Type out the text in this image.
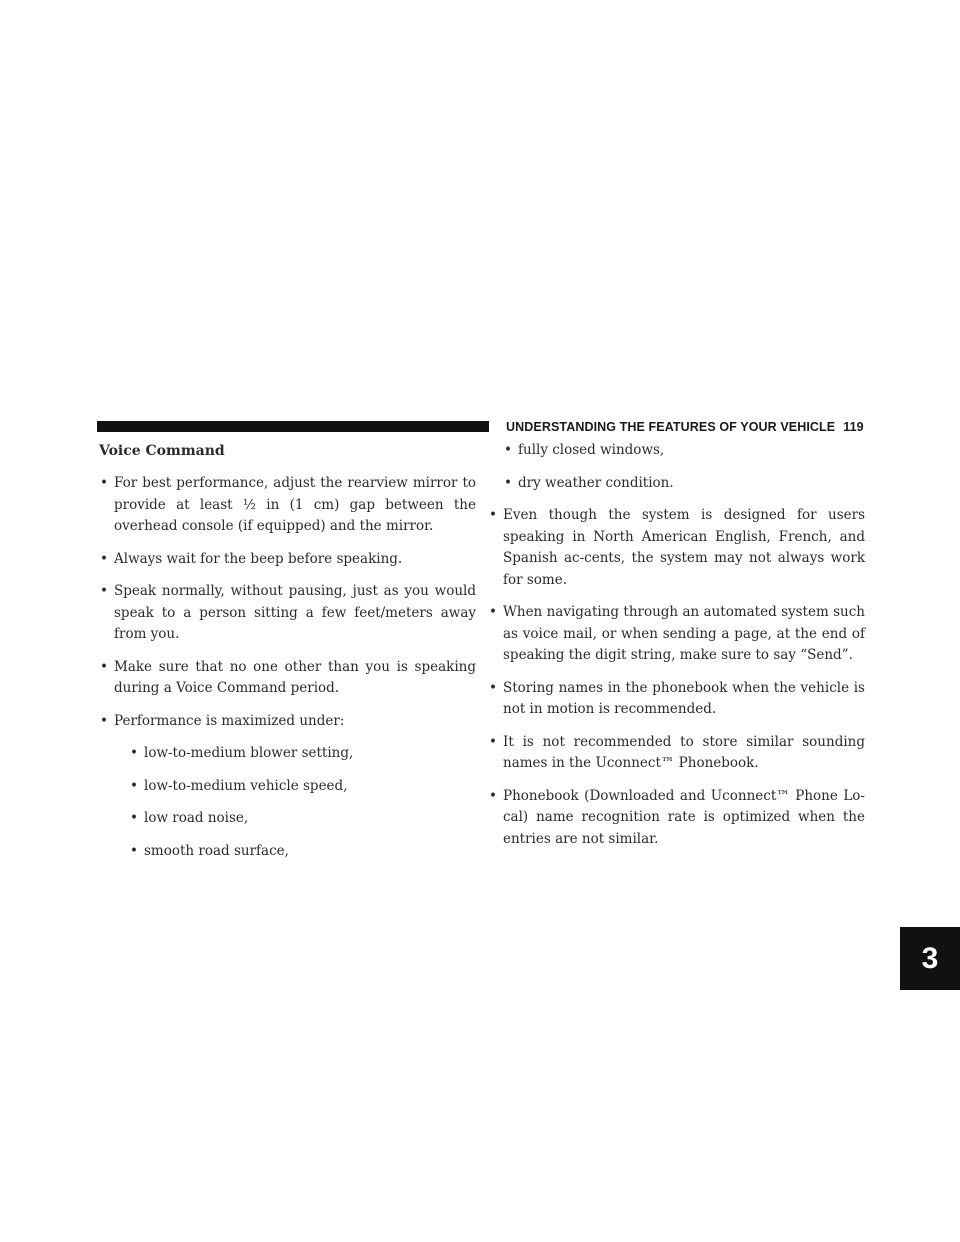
UNDERSTANDING THE FEATURES OF YOUR VEHICLE 119
3
Voice Command
• For best performance, adjust the rearview mirror to provide at least ½ in (1 cm) gap between the overhead console (if equipped) and the mirror.
• Always wait for the beep before speaking.
• Speak normally, without pausing, just as you would speak to a person sitting a few feet/meters away from you.
• Make sure that no one other than you is speaking during a Voice Command period.
• Performance is maximized under:
• low-to-medium blower setting,
• low-to-medium vehicle speed,
• low road noise,
• smooth road surface,
• fully closed windows,
• dry weather condition.
• Even though the system is designed for users speaking in North American English, French, and Spanish ac-cents, the system may not always work for some.
• When navigating through an automated system such as voice mail, or when sending a page, at the end of speaking the digit string, make sure to say “Send”.
• Storing names in the phonebook when the vehicle is not in motion is recommended.
• It is not recommended to store similar sounding names in the Uconnect™ Phonebook.
• Phonebook (Downloaded and Uconnect™ Phone Lo-cal) name recognition rate is optimized when the entries are not similar.
